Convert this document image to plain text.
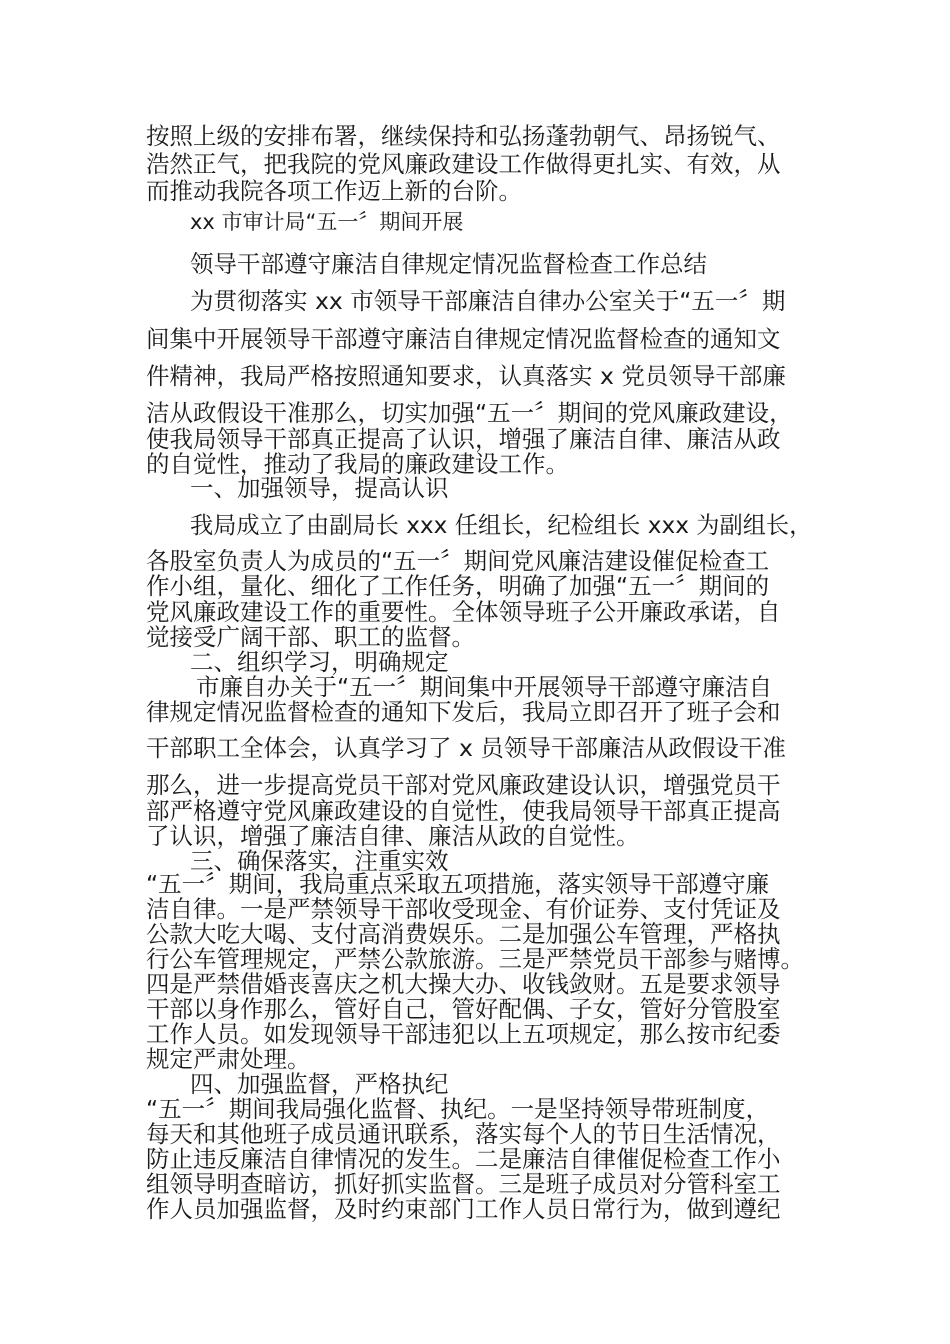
按照上级的安排布署，继续保持和弘扬蓬勃朝气、昂扬锐气、
浩然正气，把我院的党风廉政建设工作做得更扎实、有效，从
而推动我院各项工作迈上新的台阶。
xx 市审计局“五一〞期间开展
领导干部遵守廉洁自律规定情况监督检查工作总结
为贯彻落实 xx 市领导干部廉洁自律办公室关于“五一〞期
间集中开展领导干部遵守廉洁自律规定情况监督检查的通知文
件精神，我局严格按照通知要求，认真落实 x 党员领导干部廉
洁从政假设干准那么，切实加强“五一〞期间的党风廉政建设，
使我局领导干部真正提高了认识，增强了廉洁自律、廉洁从政
的自觉性，推动了我局的廉政建设工作。
一、加强领导，提高认识
我局成立了由副局长 xxx 任组长，纪检组长 xxx 为副组长，
各股室负责人为成员的“五一〞期间党风廉洁建设催促检查工
作小组，量化、细化了工作任务，明确了加强“五一〞期间的
党风廉政建设工作的重要性。全体领导班子公开廉政承诺，自
觉接受广阔干部、职工的监督。
二、组织学习，明确规定
市廉自办关于“五一〞期间集中开展领导干部遵守廉洁自
律规定情况监督检查的通知下发后，我局立即召开了班子会和
干部职工全体会，认真学习了 x 员领导干部廉洁从政假设干准
那么，进一步提高党员干部对党风廉政建设认识，增强党员干
部严格遵守党风廉政建设的自觉性，使我局领导干部真正提高
了认识，增强了廉洁自律、廉洁从政的自觉性。
三、确保落实，注重实效
“五一〞期间，我局重点采取五项措施，落实领导干部遵守廉
洁自律。一是严禁领导干部收受现金、有价证券、支付凭证及
公款大吃大喝、支付高消费娱乐。二是加强公车管理，严格执
行公车管理规定，严禁公款旅游。三是严禁党员干部参与赌博。
四是严禁借婚丧喜庆之机大操大办、收钱敛财。五是要求领导
干部以身作那么，管好自己，管好配偶、子女，管好分管股室
工作人员。如发现领导干部违犯以上五项规定，那么按市纪委
规定严肃处理。
四、加强监督，严格执纪
“五一〞期间我局强化监督、执纪。一是坚持领导带班制度，
每天和其他班子成员通讯联系，落实每个人的节日生活情况，
防止违反廉洁自律情况的发生。二是廉洁自律催促检查工作小
组领导明查暗访，抓好抓实监督。三是班子成员对分管科室工
作人员加强监督，及时约束部门工作人员日常行为，做到遵纪
